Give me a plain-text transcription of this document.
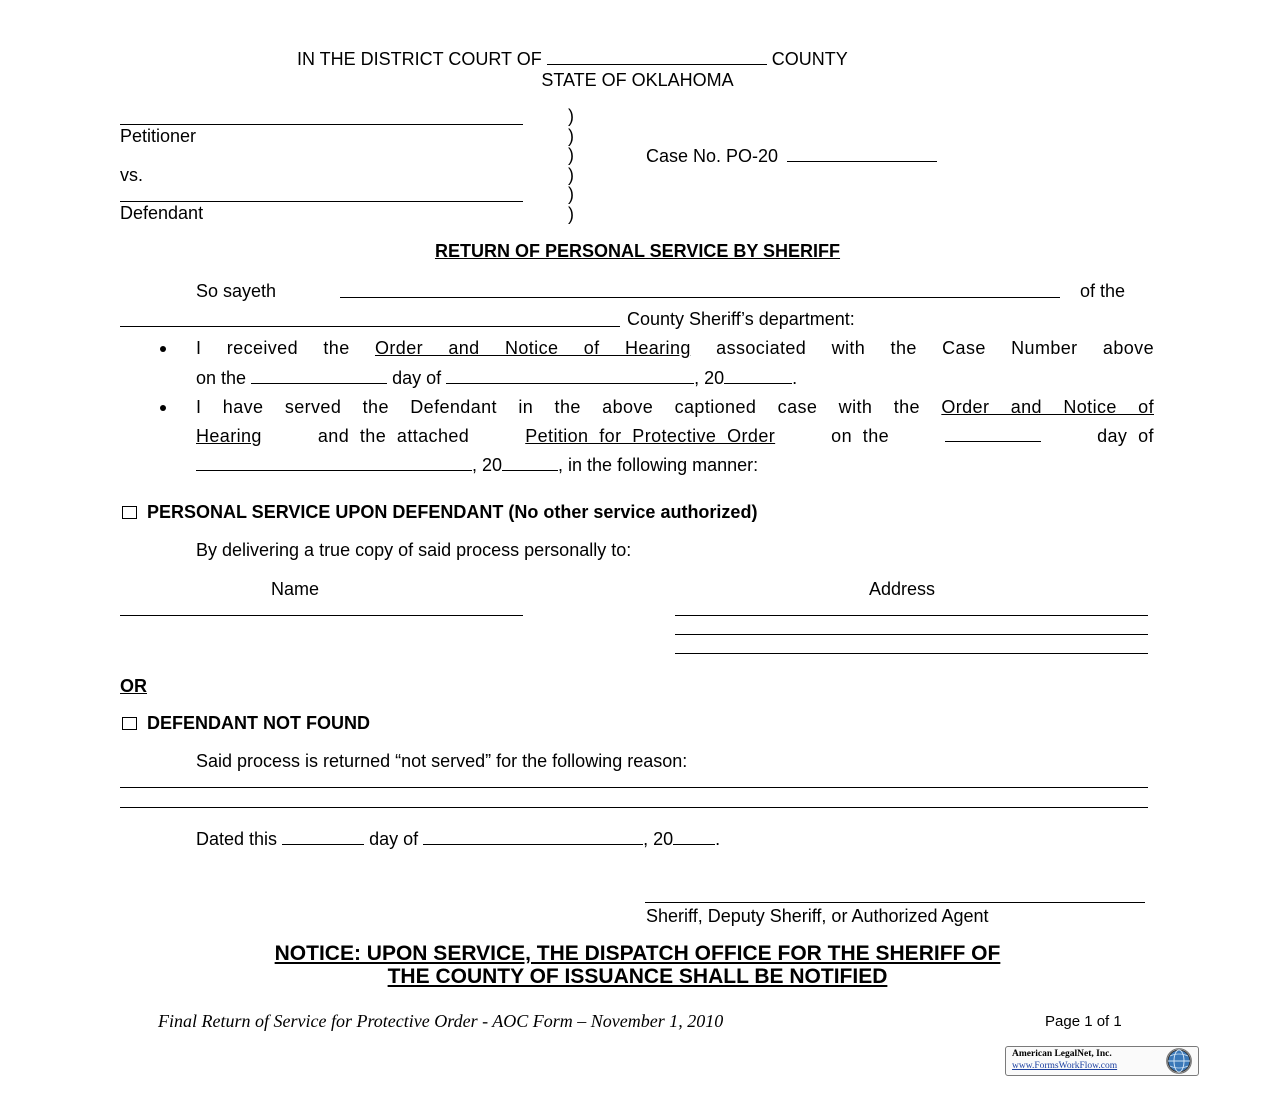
IN THE DISTRICT COURT OF	COUNTY
STATE OF OKLAHOMA
Petitioner
vs.
Defendant
)
)
)
)
)
)
Case No. PO-20
RETURN OF PERSONAL SERVICE BY SHERIFF
So sayeth	of the
County Sheriff’s department:
I received the Order and Notice of Hearing associated with the Case Number above
on the	day of	, 20	.
I have served the Defendant in the above captioned case with the Order and Notice of
Hearing	and  the  attached	Petition  for  Protective  Order	on  the	day  of
, 20	, in the following manner:
PERSONAL SERVICE UPON DEFENDANT (No other service authorized)
By delivering a true copy of said process personally to:
Name	Address
OR
DEFENDANT NOT FOUND
Said process is returned “not served” for the following reason:
Dated this	day of	, 20 .
Sheriff, Deputy Sheriff, or Authorized Agent
NOTICE: UPON SERVICE, THE DISPATCH OFFICE FOR THE SHERIFF OF
THE COUNTY OF ISSUANCE SHALL BE NOTIFIED
Final Return of Service for Protective Order - AOC Form – November 1, 2010	Page 1 of 1
American LegalNet, Inc.
www.FormsWorkFlow.com
